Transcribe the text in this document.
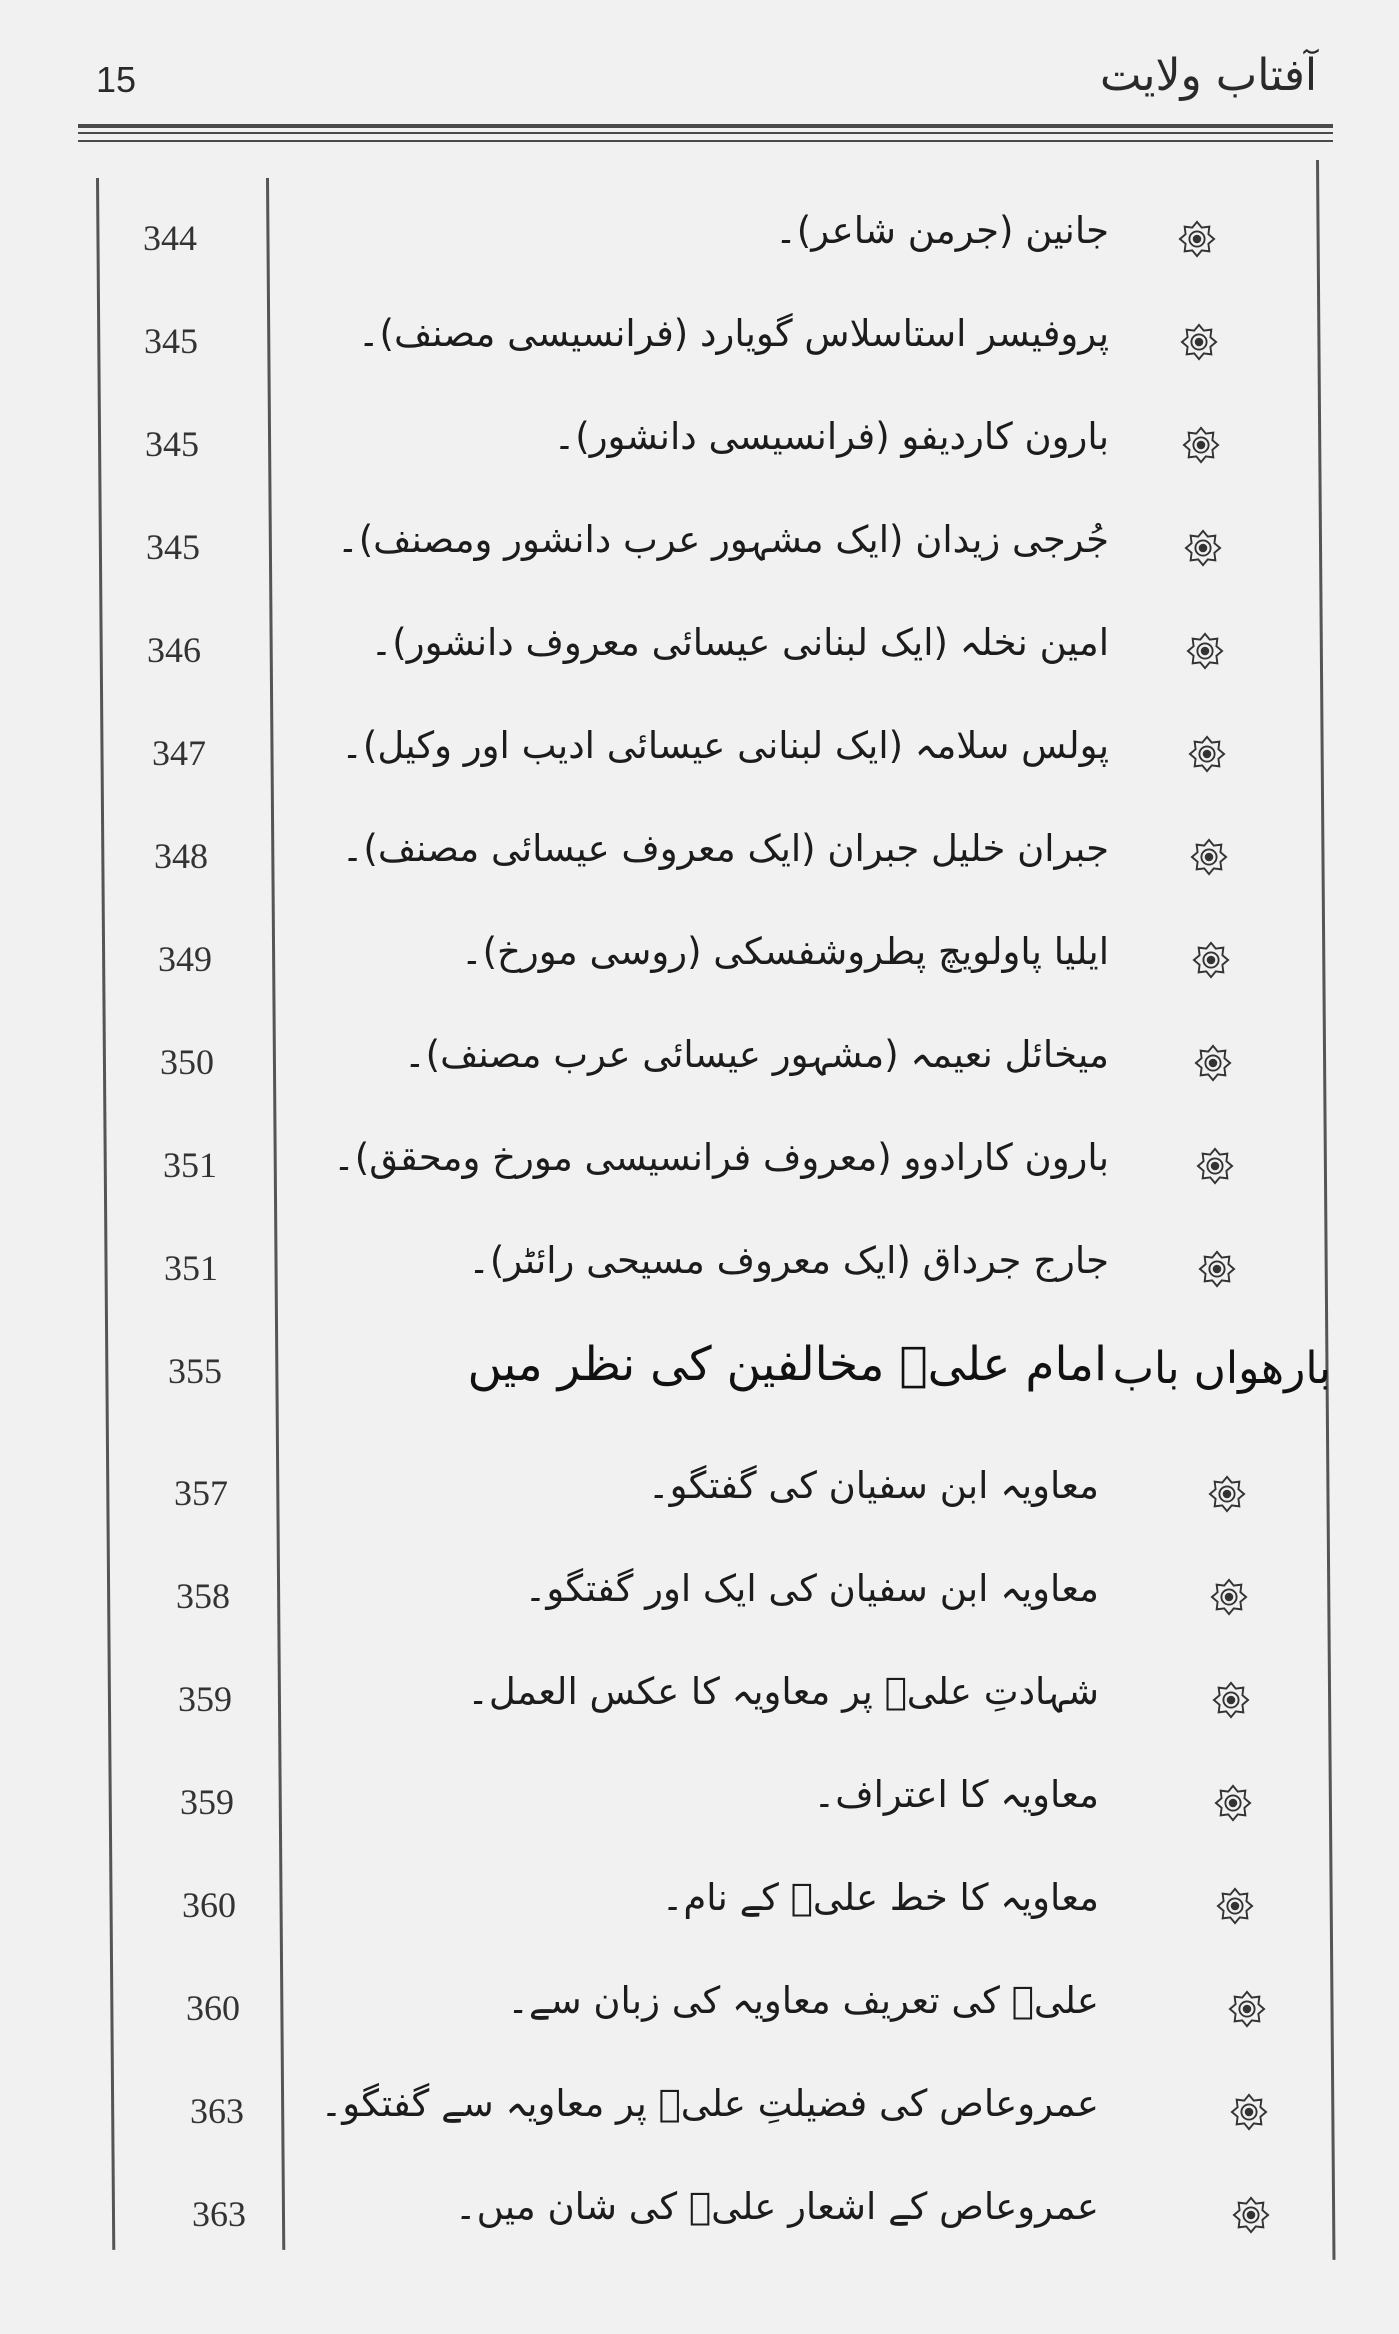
15	آفتاب ولایت
344	جانین (جرمن شاعر)۔
345	پروفیسر استاسلاس گویارد (فرانسیسی مصنف)۔
345	بارون کاردیفو (فرانسیسی دانشور)۔
345	جُرجی زیدان (ایک مشہور عرب دانشور ومصنف)۔
346	امین نخلہ (ایک لبنانی عیسائی معروف دانشور)۔
347	پولس سلامہ (ایک لبنانی عیسائی ادیب اور وکیل)۔
348	جبران خلیل جبران (ایک معروف عیسائی مصنف)۔
349	ایلیا پاولویچ پطروشفسکی (روسی مورخ)۔
350	میخائل نعیمہ (مشہور عیسائی عرب مصنف)۔
351	بارون کارادوو (معروف فرانسیسی مورخ ومحقق)۔
351	جارج جرداق (ایک معروف مسیحی رائٹر)۔
355	امام علیؑ مخالفین کی نظر میں بارھواں باب
357	معاویہ ابن سفیان کی گفتگو۔
358	معاویہ ابن سفیان کی ایک اور گفتگو۔
359	شہادتِ علیؑ پر معاویہ کا عکس العمل۔
359	معاویہ کا اعتراف۔
360	معاویہ کا خط علیؑ کے نام۔
360	علیؑ کی تعریف معاویہ کی زبان سے۔
363 عمروعاص کی فضیلتِ علیؑ پر معاویہ سے گفتگو۔
363	عمروعاص کے اشعار علیؑ کی شان میں۔
